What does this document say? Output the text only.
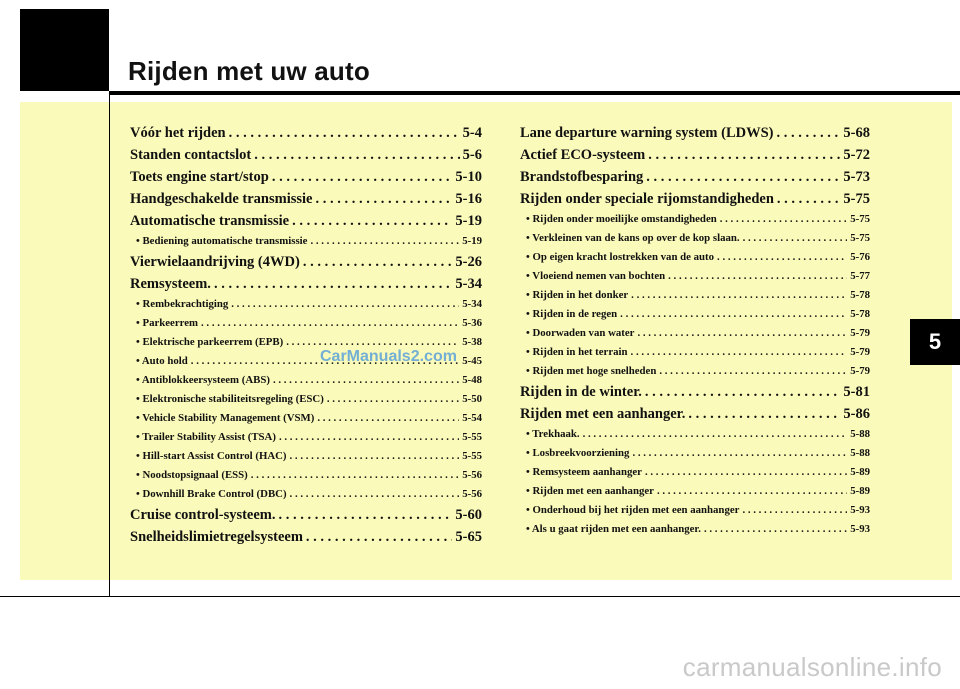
Rijden met uw auto
5
Vóór het rijden . . .	5-4
Standen contactslot . . .	5-6
Toets engine start/stop . . .	5-10
Handgeschakelde transmissie . . .	5-16
Automatische transmissie . . .	5-19
• Bediening automatische transmissie . . .	5-19
Vierwielaandrijving (4WD) . . .	5-26
Remsysteem. . . .	5-34
• Rembekrachtiging . . .	5-34
• Parkeerrem . . .	5-36
• Elektrische parkeerrem (EPB) . . .	5-38
• Auto hold . . .	5-45
• Antiblokkeersysteem (ABS) . . .	5-48
• Elektronische stabiliteitsregeling (ESC) . . .	5-50
• Vehicle Stability Management (VSM) . . .	5-54
• Trailer Stability Assist (TSA) . . .	5-55
• Hill-start Assist Control (HAC) . . .	5-55
• Noodstopsignaal (ESS) . . .	5-56
• Downhill Brake Control (DBC) . . .	5-56
Cruise control-systeem. . . .	5-60
Snelheidslimietregelsysteem . . .	5-65
Lane departure warning system (LDWS) . . .	5-68
Actief ECO-systeem . . .	5-72
Brandstofbesparing . . .	5-73
Rijden onder speciale rijomstandigheden . . .	5-75
• Rijden onder moeilijke omstandigheden . . .	5-75
• Verkleinen van de kans op over de kop slaan. . . .	5-75
• Op eigen kracht lostrekken van de auto . . .	5-76
• Vloeiend nemen van bochten . . .	5-77
• Rijden in het donker . . .	5-78
• Rijden in de regen . . .	5-78
• Doorwaden van water . . .	5-79
• Rijden in het terrain . . .	5-79
• Rijden met hoge snelheden . . .	5-79
Rijden in de winter. . . .	5-81
Rijden met een aanhanger. . . .	5-86
• Trekhaak. . . .	5-88
• Losbreekvoorziening . . .	5-88
• Remsysteem aanhanger . . .	5-89
• Rijden met een aanhanger . . .	5-89
• Onderhoud bij het rijden met een aanhanger . . .	5-93
• Als u gaat rijden met een aanhanger. . . .	5-93
CarManuals2.com
carmanualsonline.info
